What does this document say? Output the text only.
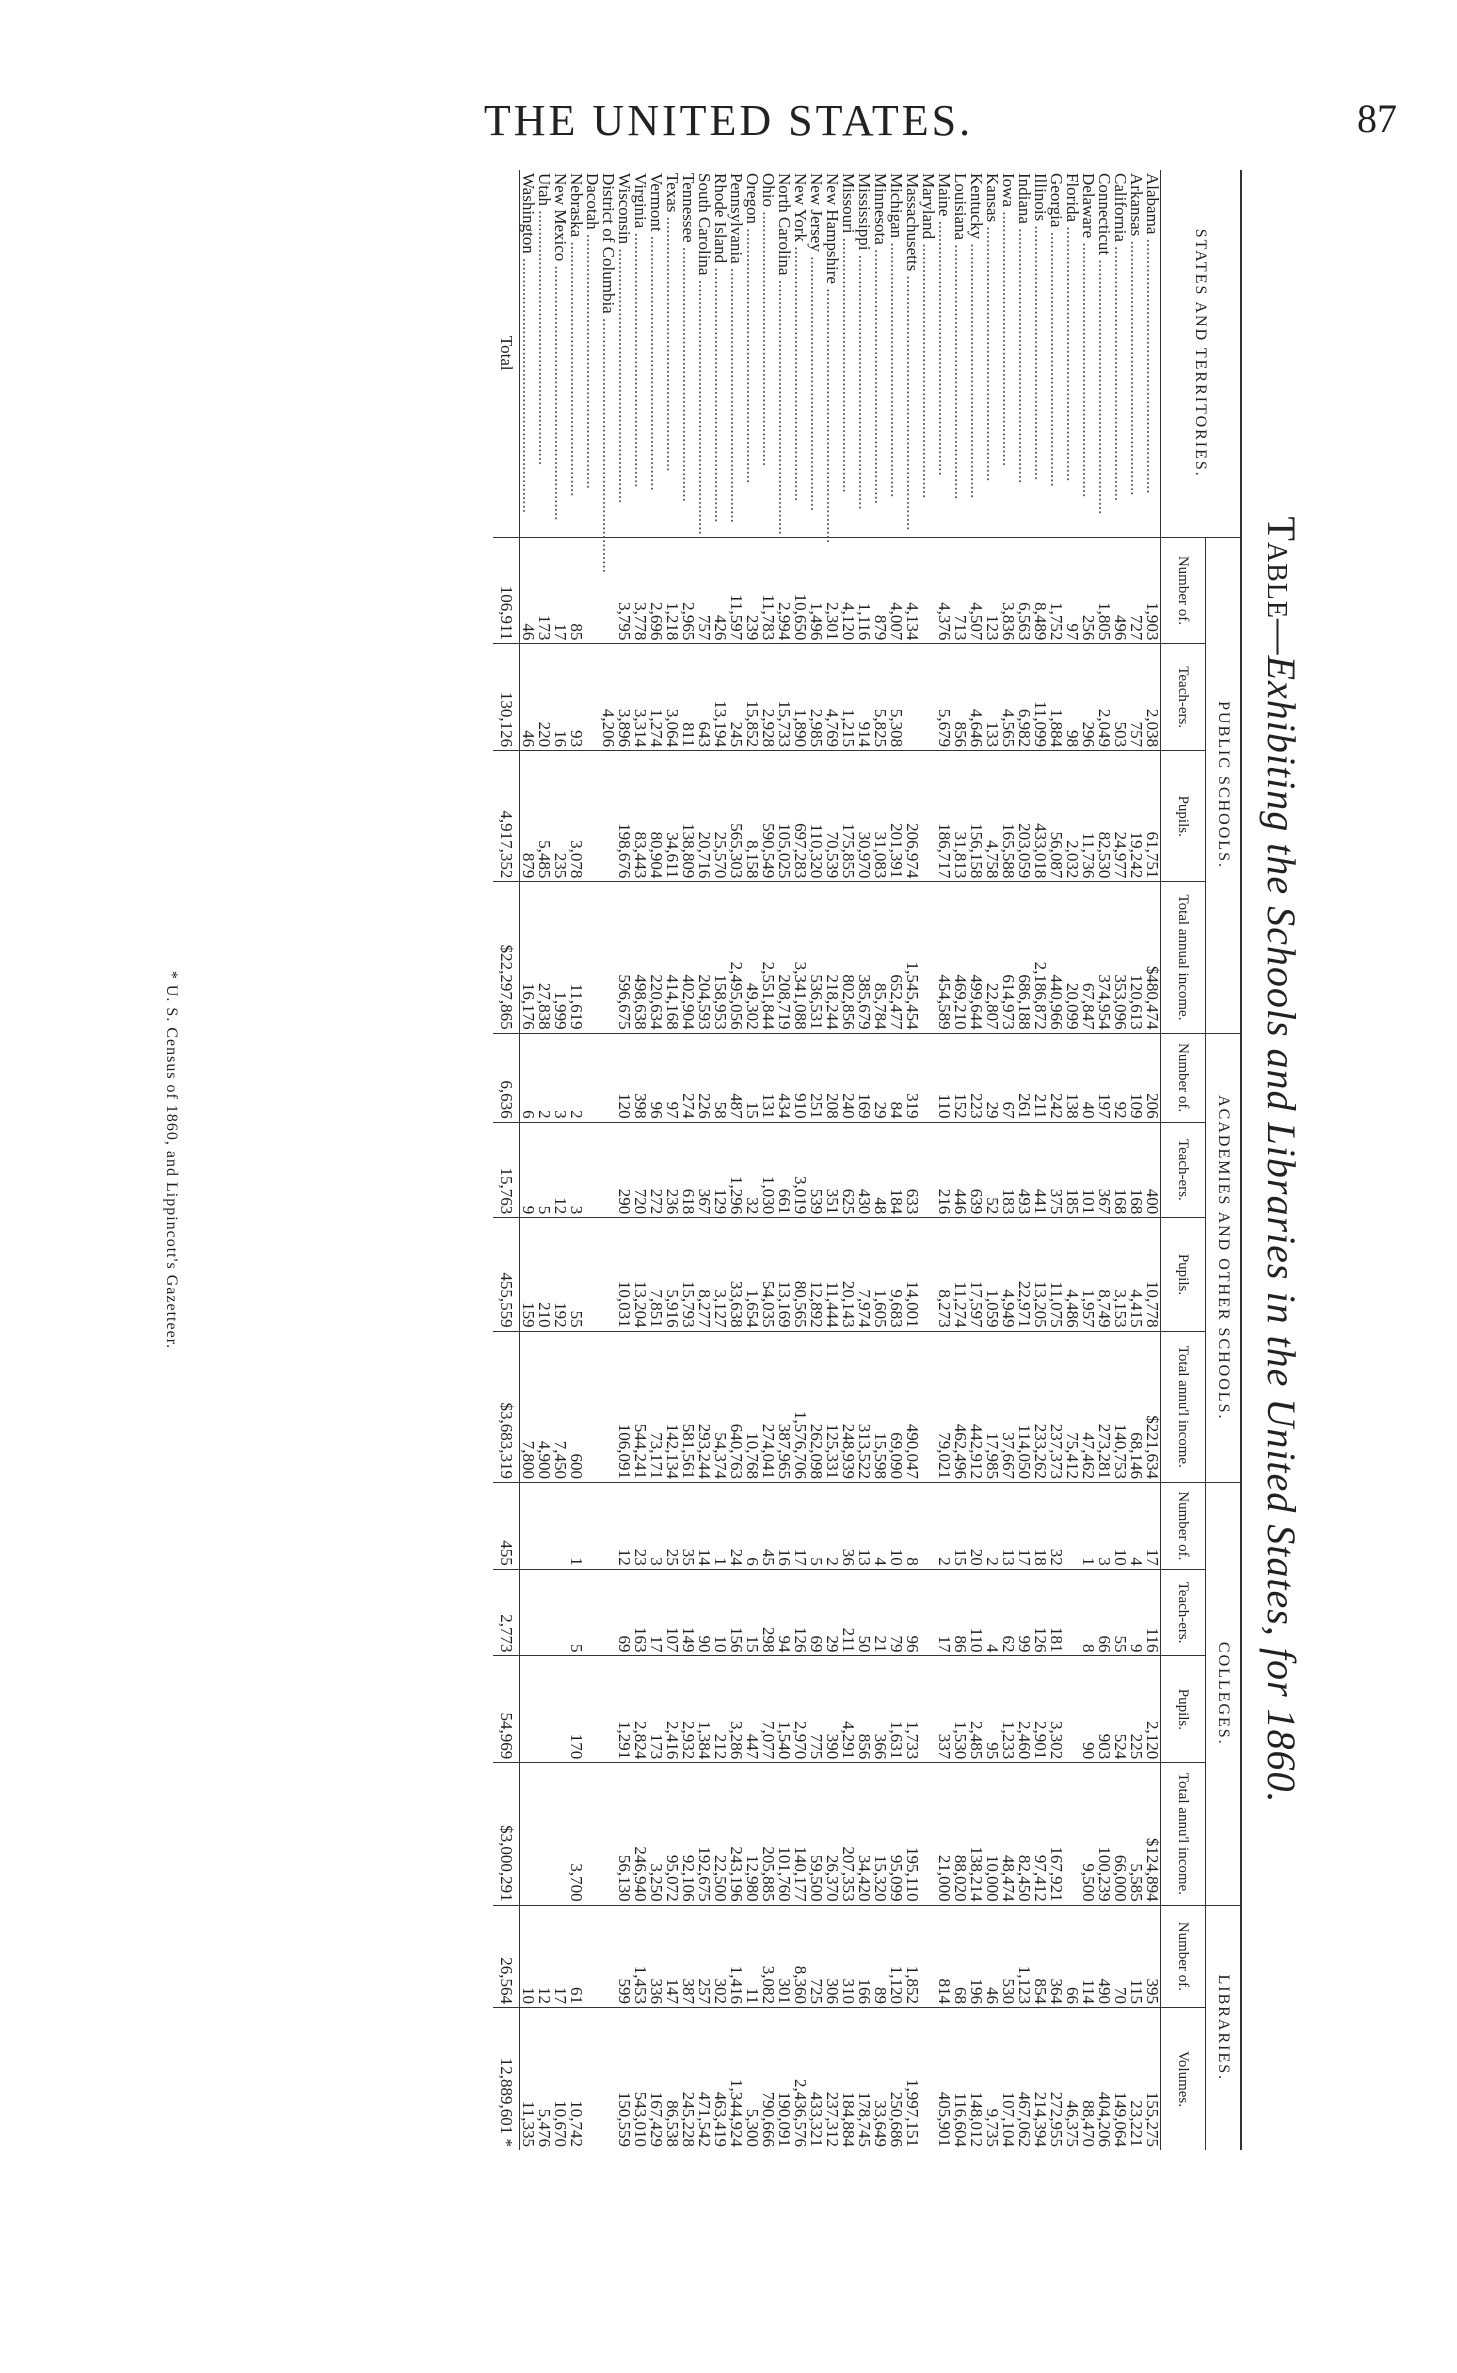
THE UNITED STATES.	87
Table—Exhibiting the Schools and Libraries in the United States, for 1860.
STATES AND TERRITORIES.	PUBLIC SCHOOLS.				ACADEMIES AND OTHER SCHOOLS.				COLLEGES.				LIBRARIES.	
	Number of.	Teach-ers.	Pupils.	Total annual income.	Number of.	Teach-ers.	Pupils.	Total annu'l income.	Number of.	Teach-ers.	Pupils.	Total annu'l income.	Number of.	Volumes.
Alabama ............................................................	1,903	2,038	61,751	$480,474	206	400	10,778	$221,634	17	116	2,120	$124,894	395	155,275
Arkansas ............................................................	727	757	19,242	120,613	109	168	4,415	68,146	4	9	225	5,585	115	23,221
California ............................................................	496	503	24,977	353,096	92	168	3,153	140,753	10	55	524	66,000	70	149,064
Connecticut ............................................................	1,805	2,049	82,530	374,954	197	367	8,749	273,281	3	66	903	100,239	490	404,206
Delaware ............................................................	256	296	11,736	67,847	40	101	1,957	47,462	1	8	90	9,500	114	88,470
Florida ............................................................	97	98	2,032	20,099	138	185	4,486	75,412					66	46,375
Georgia ............................................................	1,752	1,884	56,087	440,966	242	375	11,075	237,373	32	181	3,302	167,921	364	272,955
Illinois ............................................................	8,489	11,099	433,018	2,186,872	211	441	13,205	233,262	18	126	2,901	97,412	854	214,394
Indiana ............................................................	6,563	6,982	203,059	686,188	261	493	22,971	114,050	17	99	2,460	82,450	1,123	467,062
Iowa ............................................................	3,836	4,565	165,588	614,973	67	183	4,949	37,667	13	62	1,233	48,474	530	107,104
Kansas ............................................................	123	133	4,758	22,807	29	52	1,059	17,985	2	4	95	10,000	46	9,735
Kentucky ............................................................	4,507	4,646	156,158	499,644	223	639	17,597	442,912	20	110	2,485	138,214	196	148,012
Louisiana ............................................................	713	856	31,813	469,210	152	446	11,274	462,496	15	86	1,530	88,020	68	116,604
Maine ............................................................	4,376	5,679	186,717	454,589	110	216	8,273	79,021	2	17	337	21,000	814	405,901
Maryland ............................................................														
Massachusetts ............................................................	4,134		206,974	1,545,454	319	633	14,001	490,047	8	96	1,733	195,110	1,852	1,997,151
Michigan ............................................................	4,007	5,308	201,391	652,477	84	184	9,683	69,090	10	79	1,631	95,099	1,120	250,686
Minnesota ............................................................	879	5,825	31,083	85,784	29	48	1,605	15,598	4	21	366	15,320	89	33,649
Mississippi ............................................................	1,116	914	30,970	385,679	169	430	7,974	313,522	13	50	856	34,420	166	178,745
Missouri ............................................................	4,120	1,215	175,855	802,856	240	625	20,143	248,939	36	211	4,291	207,353	310	184,884
New Hampshire ............................................................	2,301	4,769	70,539	218,244	208	351	11,444	125,331	2	29	390	26,370	306	237,312
New Jersey ............................................................	1,496	2,985	110,320	536,531	251	539	12,892	262,098	5	69	775	59,500	725	433,321
New York ............................................................	10,650	1,890	697,283	3,341,088	910	3,019	80,565	1,576,706	17	126	2,970	140,177	8,360	2,436,576
North Carolina ............................................................	2,994	15,733	105,025	208,719	434	661	13,169	387,965	16	94	1,540	101,760	301	190,091
Ohio ............................................................	11,783	2,928	590,549	2,551,844	131	1,030	54,035	274,041	45	298	7,077	205,885	3,082	790,666
Oregon ............................................................	239	15,852	8,158	49,302	15	32	1,654	10,768	6	15	447	12,980	11	5,300
Pennsylvania ............................................................	11,597	245	565,303	2,495,056	487	1,296	33,638	640,763	24	156	3,286	243,196	1,416	1,344,924
Rhode Island ............................................................	426	13,194	25,570	158,953	58	129	3,127	54,374	1	10	212	22,500	302	463,419
South Carolina ............................................................	757	643	20,716	204,593	226	367	8,277	293,244	14	90	1,384	192,675	257	471,542
Tennessee ............................................................	2,965	811	138,809	402,904	274	618	15,793	581,561	35	149	2,932	92,106	387	245,228
Texas ............................................................	1,218	3,064	34,611	414,168	97	236	5,916	142,134	25	107	2,416	95,072	147	86,538
Vermont ............................................................	2,696	1,274	80,904	220,634	96	272	7,851	73,171	3	17	173	3,250	336	167,429
Virginia ............................................................	3,778	3,314	83,443	498,638	398	720	13,204	544,241	23	163	2,824	246,940	1,453	543,010
Wisconsin ............................................................	3,795	3,896	198,676	596,675	120	290	10,031	106,091	12	69	1,291	56,130	599	150,559
District of Columbia ............................................................		4,206												
Dacotah ............................................................														
Nebraska ............................................................	85	93	3,078	11,619	2	3	55	600	1	5	170	3,700	61	10,742
New Mexico ............................................................	17	16	235	1,999	3	12	192	7,450					17	10,670
Utah ............................................................	173	220	5,485	27,838	2	5	210	4,900					12	5,476
Washington ............................................................	46	46	879	16,176	6	9	159	7,800					10	11,335
Total	106,911	130,126	4,917,352	$22,297,865	6,636	15,763	455,559	$3,683,319	455	2,773	54,969	$3,000,291	26,564	12,889,601 *
* U. S. Census of 1860, and Lippincott's Gazetteer.
